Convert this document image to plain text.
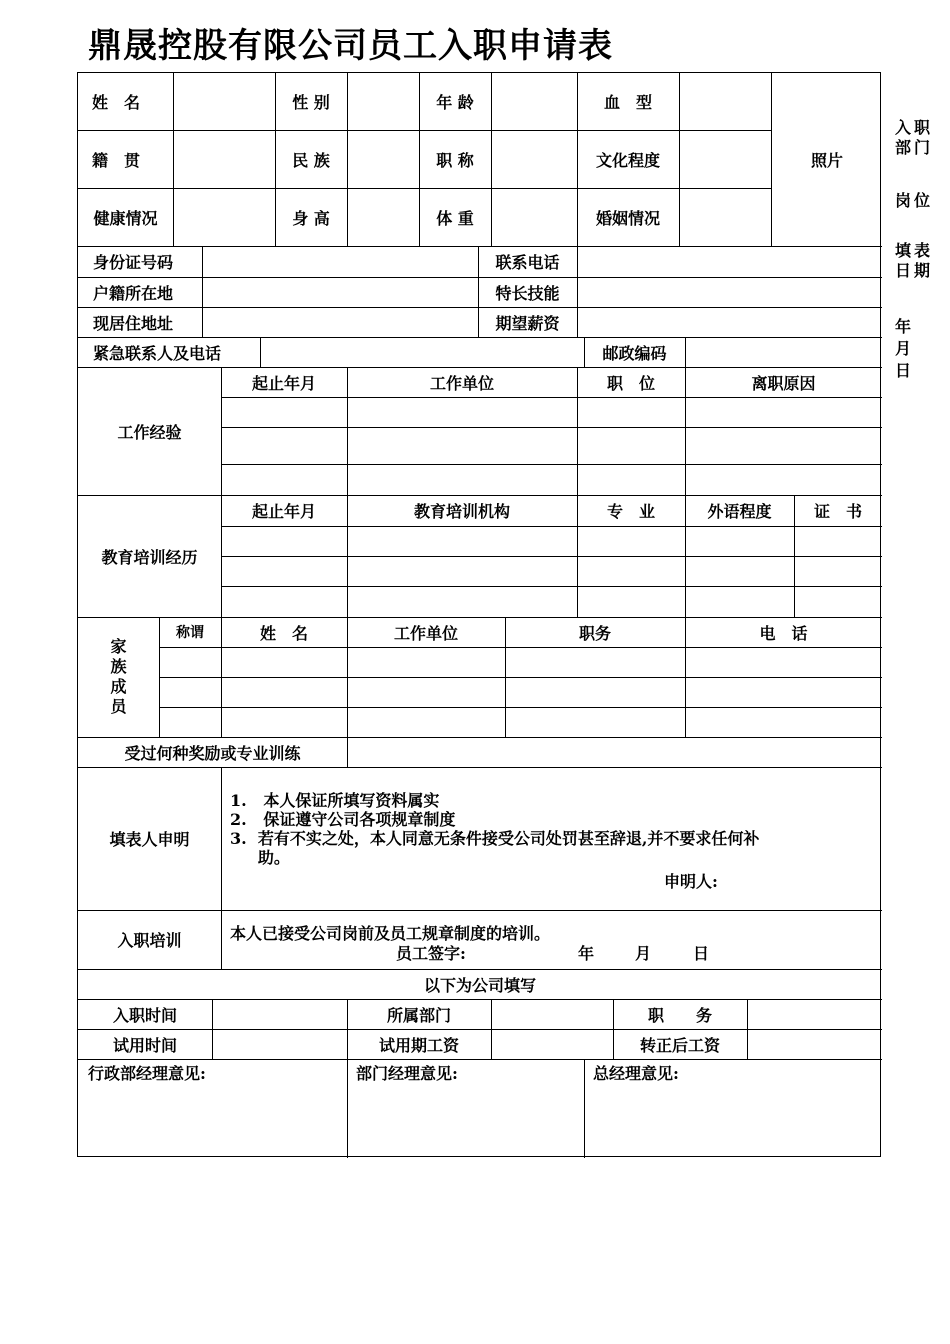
鼎晟控股有限公司员工入职申请表
入职
部门
岗位
填表
日期
年
月
日
姓　名	性 别	年 龄	血　型
籍　贯	民 族	职 称	文化程度
健康情况	身 高	体 重	婚姻情况
照片
身份证号码	联系电话
户籍所在地	特长技能
现居住地址	期望薪资
紧急联系人及电话	邮政编码
工作经验
起止年月	工作单位	职　位	离职原因
教育培训经历
起止年月	教育培训机构	专　业	外语程度	证　书
家族成员
称谓	姓　名	工作单位	职务	电　话
受过何种奖励或专业训练
填表人申明
1.   本人保证所填写资料属实
2.   保证遵守公司各项规章制度
3.  若有不实之处，本人同意无条件接受公司处罚甚至辞退,并不要求任何补
助。
申明人:
入职培训	本人已接受公司岗前及员工规章制度的培训。
员工签字:	年	月	日
以下为公司填写
入职时间	所属部门	职　　务
试用时间	试用期工资	转正后工资
行政部经理意见:	部门经理意见:	总经理意见:
